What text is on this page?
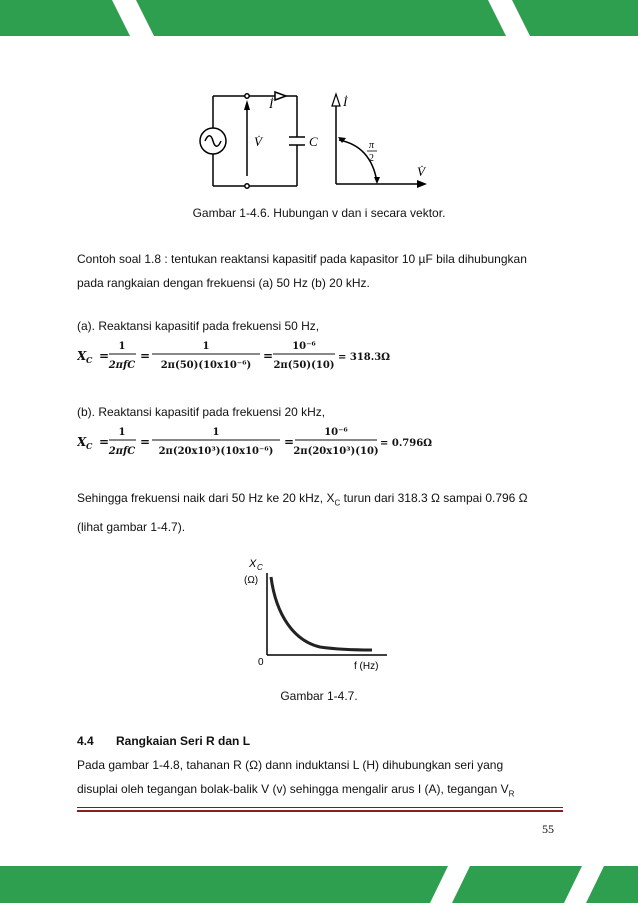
V̇	C
İ	İ
V̇
π
2
Gambar 1-4.6. Hubungan v dan i secara vektor.
Contoh soal 1.8 : tentukan reaktansi kapasitif pada kapasitor 10 µF bila dihubungkan
pada rangkaian dengan frekuensi (a) 50 Hz (b) 20 kHz.
(a). Reaktansi kapasitif pada frekuensi 50 Hz,
X C =
1
2πfC
=
1
2π(50)(10x10⁻⁶)
=
10⁻⁶
2π(50)(10)
= 318.3Ω
(b). Reaktansi kapasitif pada frekuensi 20 kHz,
X C =
1
2πfC
=
1
2π(20x10³)(10x10⁻⁶)
=
10⁻⁶
2π(20x10³)(10)
= 0.796Ω
Sehingga frekuensi naik dari 50 Hz ke 20 kHz, $X_C$ turun dari 318.3 Ω sampai 0.796 Ω
(lihat gambar 1-4.7).
X C
(Ω)
0	f (Hz)
Gambar 1-4.7.
4.4 Rangkaian Seri R dan L
Pada gambar 1-4.8, tahanan R (Ω) dann induktansi L (H) dihubungkan seri yang
disuplai oleh tegangan bolak-balik V (v) sehingga mengalir arus I (A), tegangan $V_R$
55
